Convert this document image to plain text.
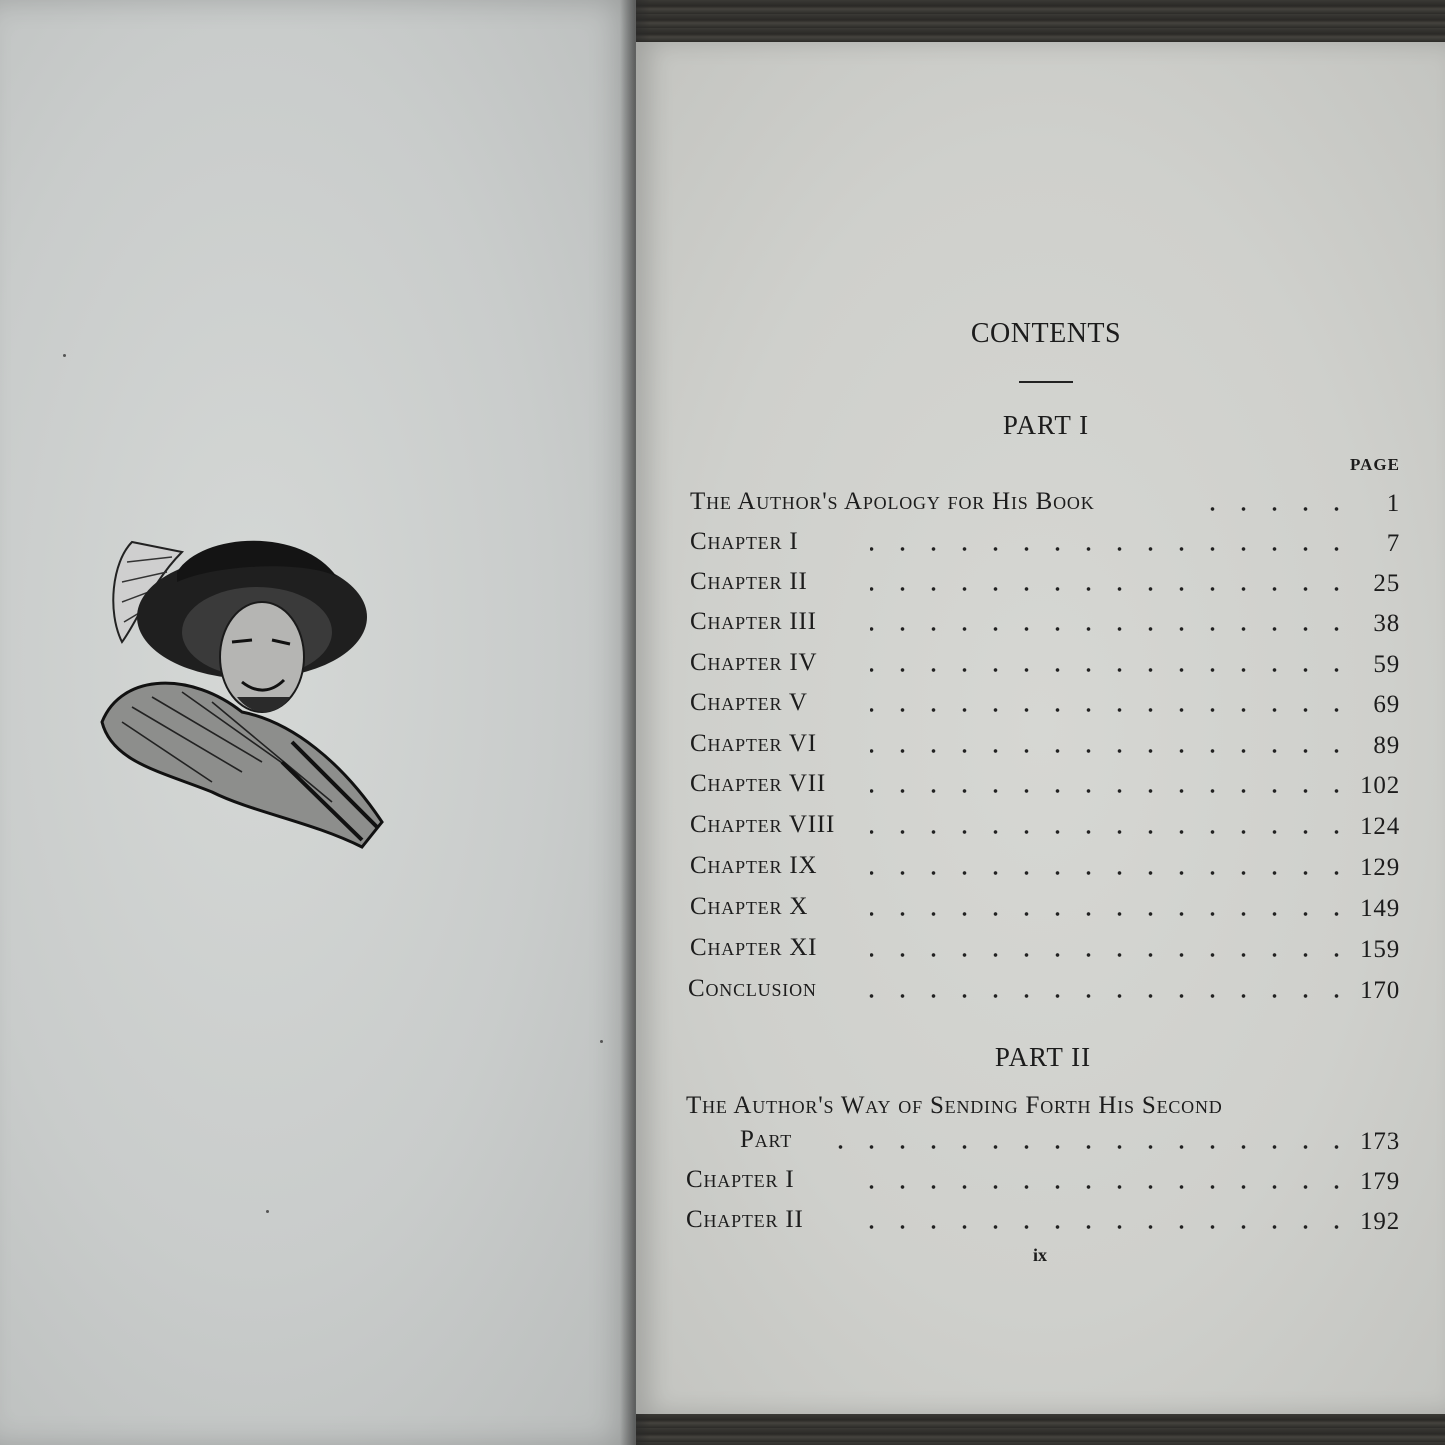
CONTENTS
PART I
PAGE
The Author's Apology for His Book	1
Chapter I	7
Chapter II	25
Chapter III	38
Chapter IV	59
Chapter V	69
Chapter VI	89
Chapter VII	102
Chapter VIII	124
Chapter IX	129
Chapter X	149
Chapter XI	159
Conclusion	170
PART II
The Author's Way of Sending Forth His Second
Part	173
Chapter I	179
Chapter II	192
ix
